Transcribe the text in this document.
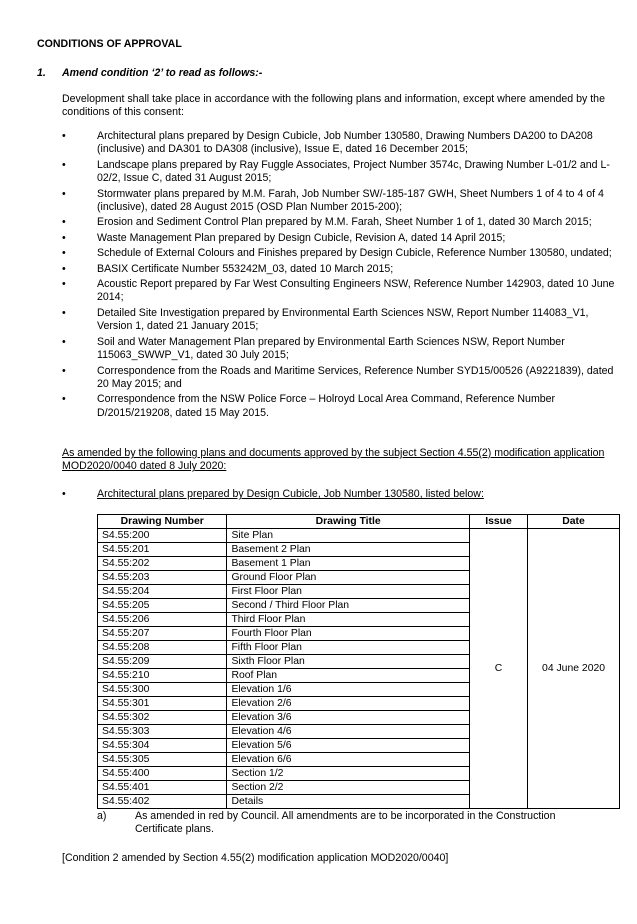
CONDITIONS OF APPROVAL
1. Amend condition ‘2’ to read as follows:-
Development shall take place in accordance with the following plans and information, except where amended by the conditions of this consent:
•	Architectural plans prepared by Design Cubicle, Job Number 130580, Drawing Numbers DA200 to DA208 (inclusive) and DA301 to DA308 (inclusive), Issue E, dated 16 December 2015;
•	Landscape plans prepared by Ray Fuggle Associates, Project Number 3574c, Drawing Number L-01/2 and L-02/2, Issue C, dated 31 August 2015;
•	Stormwater plans prepared by M.M. Farah, Job Number SW/-185-187 GWH, Sheet Numbers 1 of 4 to 4 of 4 (inclusive), dated 28 August 2015 (OSD Plan Number 2015-200);
•	Erosion and Sediment Control Plan prepared by M.M. Farah, Sheet Number 1 of 1, dated 30 March 2015;
•	Waste Management Plan prepared by Design Cubicle, Revision A, dated 14 April 2015;
•	Schedule of External Colours and Finishes prepared by Design Cubicle, Reference Number 130580, undated;
•	BASIX Certificate Number 553242M_03, dated 10 March 2015;
•	Acoustic Report prepared by Far West Consulting Engineers NSW, Reference Number 142903, dated 10 June 2014;
•	Detailed Site Investigation prepared by Environmental Earth Sciences NSW, Report Number 114083_V1, Version 1, dated 21 January 2015;
•	Soil and Water Management Plan prepared by Environmental Earth Sciences NSW, Report Number 115063_SWWP_V1, dated 30 July 2015;
•	Correspondence from the Roads and Maritime Services, Reference Number SYD15/00526 (A9221839), dated 20 May 2015; and
•	Correspondence from the NSW Police Force – Holroyd Local Area Command, Reference Number D/2015/219208, dated 15 May 2015.
As amended by the following plans and documents approved by the subject Section 4.55(2) modification application MOD2020/0040 dated 8 July 2020:
•	Architectural plans prepared by Design Cubicle, Job Number 130580, listed below:
Drawing Number	Drawing Title	Issue	Date
S4.55:200	Site Plan	C	04 June 2020
S4.55:201	Basement 2 Plan		
S4.55:202	Basement 1 Plan		
S4.55:203	Ground Floor Plan		
S4.55:204	First Floor Plan		
S4.55:205	Second / Third Floor Plan		
S4.55:206	Third Floor Plan		
S4.55:207	Fourth Floor Plan		
S4.55:208	Fifth Floor Plan		
S4.55:209	Sixth Floor Plan		
S4.55:210	Roof Plan		
S4.55:300	Elevation 1/6		
S4.55:301	Elevation 2/6		
S4.55:302	Elevation 3/6		
S4.55:303	Elevation 4/6		
S4.55:304	Elevation 5/6		
S4.55:305	Elevation 6/6		
S4.55:400	Section 1/2		
S4.55:401	Section 2/2		
S4.55:402	Details		
a)	As amended in red by Council. All amendments are to be incorporated in the Construction Certificate plans.
[Condition 2 amended by Section 4.55(2) modification application MOD2020/0040]
